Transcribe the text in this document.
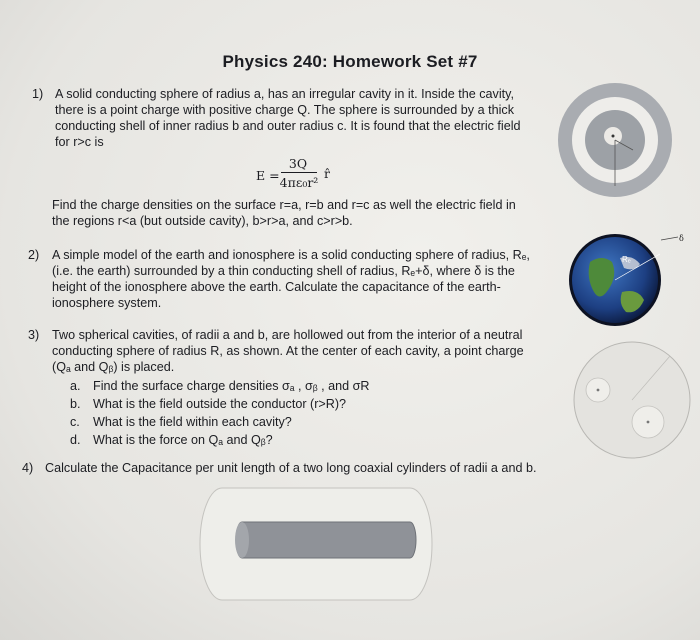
Physics 240: Homework Set #7
1) A solid conducting sphere of radius a, has an irregular cavity in it. Inside the cavity,
there is a point charge with positive charge Q. The sphere is surrounded by a thick
conducting shell of inner radius b and outer radius c. It is found that the electric field
for r>c is
E =
3Q
4πε₀r²
r̂
Find the charge densities on the surface r=a, r=b and r=c as well the electric field in
the regions r<a (but outside cavity), b>r>a, and c>r>b.
2) A simple model of the earth and ionosphere is a solid conducting sphere of radius, Rₑ,
(i.e. the earth) surrounded by a thin conducting shell of radius, Rₑ+δ, where δ is the
height of the ionosphere above the earth. Calculate the capacitance of the earth-
ionosphere system.
Rₑ
δ
3) Two spherical cavities, of radii a and b, are hollowed out from the interior of a neutral
conducting sphere of radius R, as shown. At the center of each cavity, a point charge
(Qₐ and Qᵦ) is placed.
a. Find the surface charge densities σₐ , σᵦ , and σR
b. What is the field outside the conductor (r>R)?
c. What is the field within each cavity?
d. What is the force on Qₐ and Qᵦ?
4) Calculate the Capacitance per unit length of a two long coaxial cylinders of radii a and b.
